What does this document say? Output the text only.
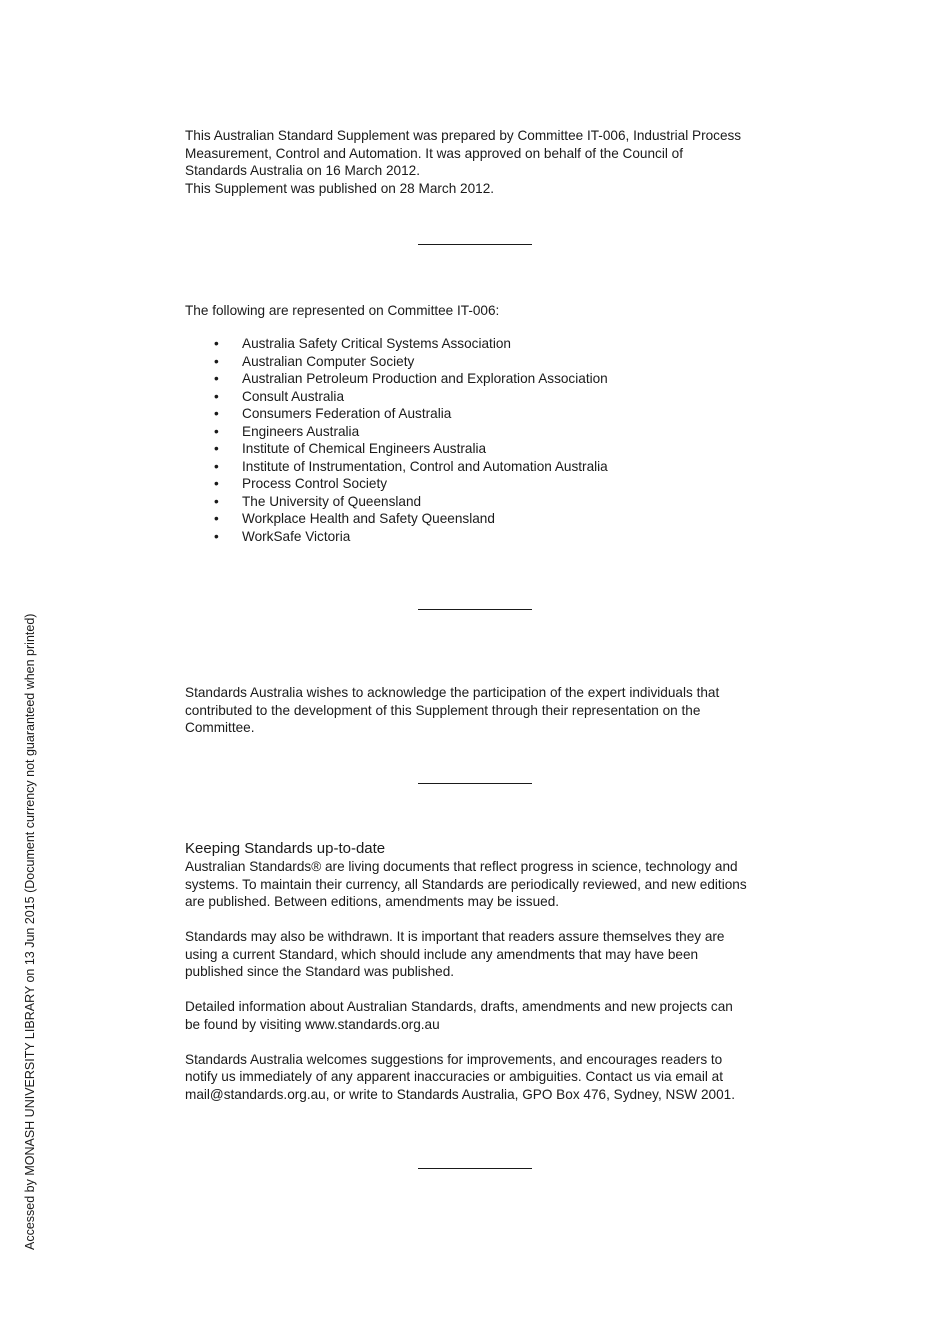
This Australian Standard Supplement was prepared by Committee IT-006, Industrial Process
Measurement, Control and Automation. It was approved on behalf of the Council of
Standards Australia on 16 March 2012.
This Supplement was published on 28 March 2012.
The following are represented on Committee IT-006:
• Australia Safety Critical Systems Association
• Australian Computer Society
• Australian Petroleum Production and Exploration Association
• Consult Australia
• Consumers Federation of Australia
• Engineers Australia
• Institute of Chemical Engineers Australia
• Institute of Instrumentation, Control and Automation Australia
• Process Control Society
• The University of Queensland
• Workplace Health and Safety Queensland
• WorkSafe Victoria
Standards Australia wishes to acknowledge the participation of the expert individuals that
contributed to the development of this Supplement through their representation on the
Committee.
Keeping Standards up-to-date
Australian Standards® are living documents that reflect progress in science, technology and
systems. To maintain their currency, all Standards are periodically reviewed, and new editions
are published. Between editions, amendments may be issued.
Standards may also be withdrawn. It is important that readers assure themselves they are
using a current Standard, which should include any amendments that may have been
published since the Standard was published.
Detailed information about Australian Standards, drafts, amendments and new projects can
be found by visiting www.standards.org.au
Standards Australia welcomes suggestions for improvements, and encourages readers to
notify us immediately of any apparent inaccuracies or ambiguities. Contact us via email at
mail@standards.org.au, or write to Standards Australia, GPO Box 476, Sydney, NSW 2001.
Accessed by MONASH UNIVERSITY LIBRARY on 13 Jun 2015 (Document currency not guaranteed when printed)
